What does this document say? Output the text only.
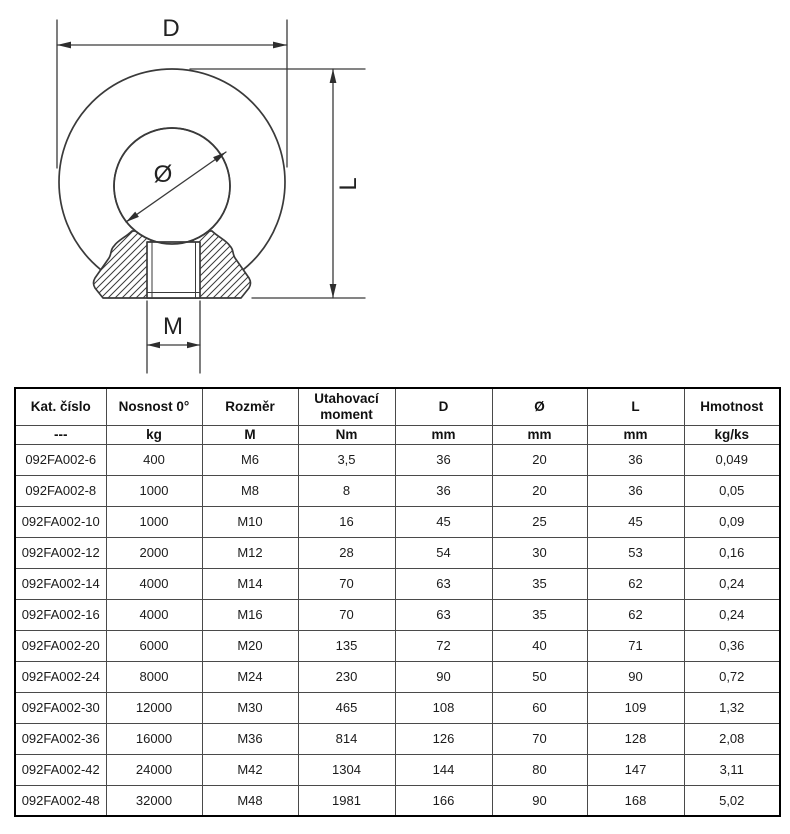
D
L
Ø
M
Kat. číslo	Nosnost 0°	Rozměr	Utahovací moment	D	Ø	L	Hmotnost
---	kg	M	Nm	mm	mm	mm	kg/ks
092FA002-6	400	M6	3,5	36	20	36	0,049
092FA002-8	1000	M8	8	36	20	36	0,05
092FA002-10	1000	M10	16	45	25	45	0,09
092FA002-12	2000	M12	28	54	30	53	0,16
092FA002-14	4000	M14	70	63	35	62	0,24
092FA002-16	4000	M16	70	63	35	62	0,24
092FA002-20	6000	M20	135	72	40	71	0,36
092FA002-24	8000	M24	230	90	50	90	0,72
092FA002-30	12000	M30	465	108	60	109	1,32
092FA002-36	16000	M36	814	126	70	128	2,08
092FA002-42	24000	M42	1304	144	80	147	3,11
092FA002-48	32000	M48	1981	166	90	168	5,02
